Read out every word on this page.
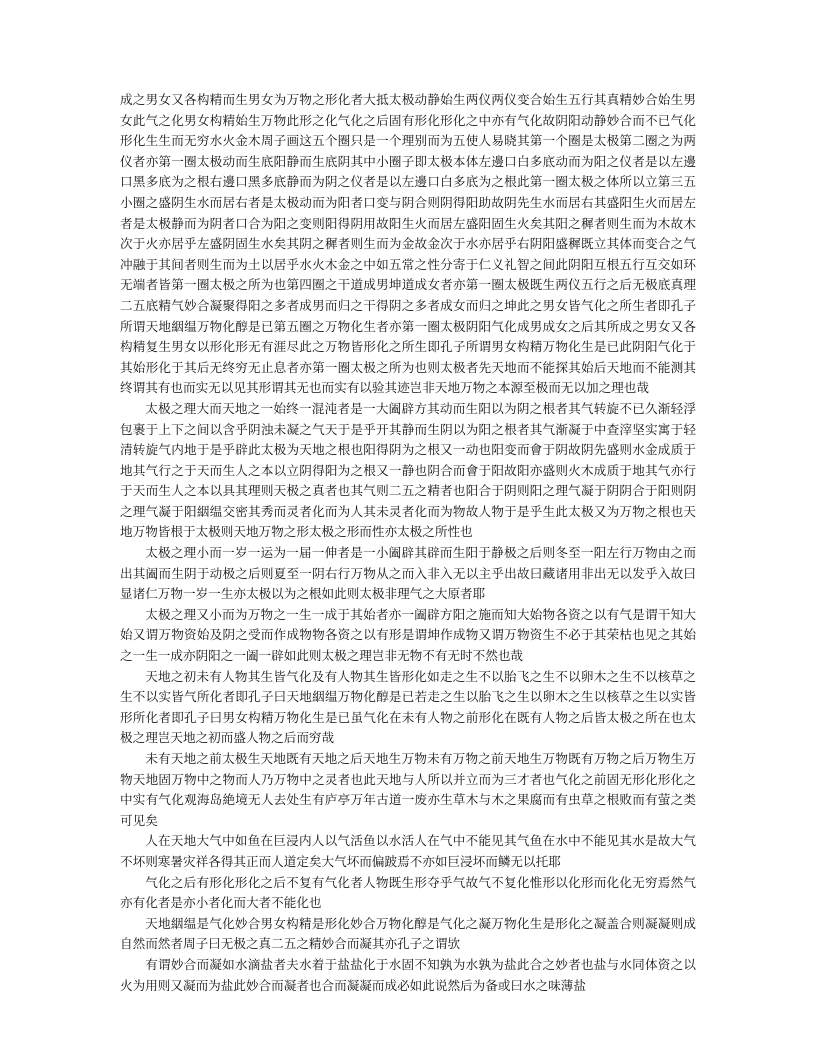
成之男女又各构精而生男女为万物之形化者大抵太极动静始生两仪两仪变合始生五行其真精妙合始生男女此气之化男女构精始生万物此形之化气化之后固有形化形化之中亦有气化故阴阳动静妙合而不已气化形化生生而无穷水火金木周子画这五个圈只是一个理别而为五使人易晓其第一个圈是太极第二圈之为两仪者亦第一圈太极动而生底阳静而生底阴其中小圈子即太极本体左邊口白多底动而为阳之仪者是以左邊口黑多底为之根右邊口黑多底静而为阴之仪者是以左邊口白多底为之根此第一圈太极之体所以立第三五小圈之盛阴生水而居右者是太极动而为阳者口变与阴合则阴得阳助故阴先生水而居右其盛阳生火而居左者是太极静而为阴者口合为阳之变则阳得阴用故阳生火而居左盛阳固生火矣其阳之穉者则生而为木故木次于火亦居乎左盛阴固生水矣其阴之穉者则生而为金故金次于水亦居乎右阴阳盛穉既立其体而变合之气冲融于其间者则生而为土以居乎水火木金之中如五常之性分寄于仁义礼智之间此阴阳互根五行互交如环无端者皆第一圈太极之所为也第四圈之干道成男坤道成女者亦第一圈太极既生两仪五行之后无极底真理二五底精气妙合凝聚得阳之多者成男而归之干得阴之多者成女而归之坤此之男女皆气化之所生者即孔子所谓天地絪缊万物化醇是已第五圈之万物化生者亦第一圈太极阴阳气化成男成女之后其所成之男女又各构精复生男女以形化形无有涯尽此之万物皆形化之所生即孔子所谓男女构精万物化生是已此阴阳气化于其始形化于其后无终穷无止息者亦第一圈太极之所为也则太极者先天地而不能探其始后天地而不能测其终谓其有也而实无以见其形谓其无也而实有以验其迹岂非天地万物之本源至极而无以加之理也哉

太极之理大而天地之一始终一混沌者是一大阖辟方其动而生阳以为阴之根者其气转旋不已久渐轻浮包裹于上下之间以含乎阴浊未凝之气天于是乎开其静而生阴以为阳之根者其气渐凝于中查滓坚实寓于轻清转旋气内地于是乎辟此太极为天地之根也阳得阴为之根又一动也阳变而會于阴故阴先盛则水金成质于地其气行之于天而生人之本以立阴得阳为之根又一静也阴合而會于阳故阳亦盛则火木成质于地其气亦行于天而生人之本以具其理则天极之真者也其气则二五之精者也阳合于阴则阳之理气凝于阴阴合于阳则阴之理气凝于阳絪缊交密其秀而灵者化而为人其未灵者化而为物故人物于是乎生此太极又为万物之根也天地万物皆根于太极则天地万物之形太极之形而性亦太极之所性也

太极之理小而一岁一运为一届一伸者是一小阖辟其辟而生阳于静极之后则冬至一阳左行万物由之而出其阖而生阴于动极之后则夏至一阴右行万物从之而入非入无以主乎出故曰藏诸用非出无以发乎入故曰显诸仁万物一岁一生亦太极以为之根如此则太极非理气之大原者耶

太极之理又小而为万物之一生一成于其始者亦一阖辟方阳之施而知大始物各资之以有气是谓干知大始又谓万物资始及阴之受而作成物物各资之以有形是谓坤作成物又谓万物资生不必于其荣枯也见之其始之一生一成亦阴阳之一阖一辟如此则太极之理岂非无物不有无时不然也哉

天地之初未有人物其生皆气化及有人物其生皆形化如走之生不以胎飞之生不以卵木之生不以核草之生不以实皆气所化者即孔子曰天地絪缊万物化醇是已若走之生以胎飞之生以卵木之生以核草之生以实皆形所化者即孔子曰男女构精万物化生是已虽气化在未有人物之前形化在既有人物之后皆太极之所在也太极之理岂天地之初而盛人物之后而穷哉

未有天地之前太极生天地既有天地之后天地生万物未有万物之前天地生万物既有万物之后万物生万物天地固万物中之物而人乃万物中之灵者也此天地与人所以并立而为三才者也气化之前固无形化形化之中实有气化观海岛絶境无人去处生有庐亭万年古道一废亦生草木与木之果腐而有虫草之根败而有萤之类可见矣

人在天地大气中如鱼在巨浸内人以气活鱼以水活人在气中不能见其气鱼在水中不能见其水是故大气不坏则寒暑灾祥各得其正而人道定矣大气坏而偏跛焉不亦如巨浸坏而鳞无以托耶

气化之后有形化形化之后不复有气化者人物既生形夺乎气故气不复化惟形以化形而化化无穷焉然气亦有化者是亦小者化而大者不能化也

天地絪缊是气化妙合男女构精是形化妙合万物化醇是气化之凝万物化生是形化之凝盖合则凝凝则成自然而然者周子曰无极之真二五之精妙合而凝其亦孔子之谓欤

有谓妙合而凝如水滴盐者夫水着于盐盐化于水固不知孰为水孰为盐此合之妙者也盐与水同体资之以火为用则又凝而为盐此妙合而凝者也合而凝凝而成必如此说然后为备或曰水之味薄盐
